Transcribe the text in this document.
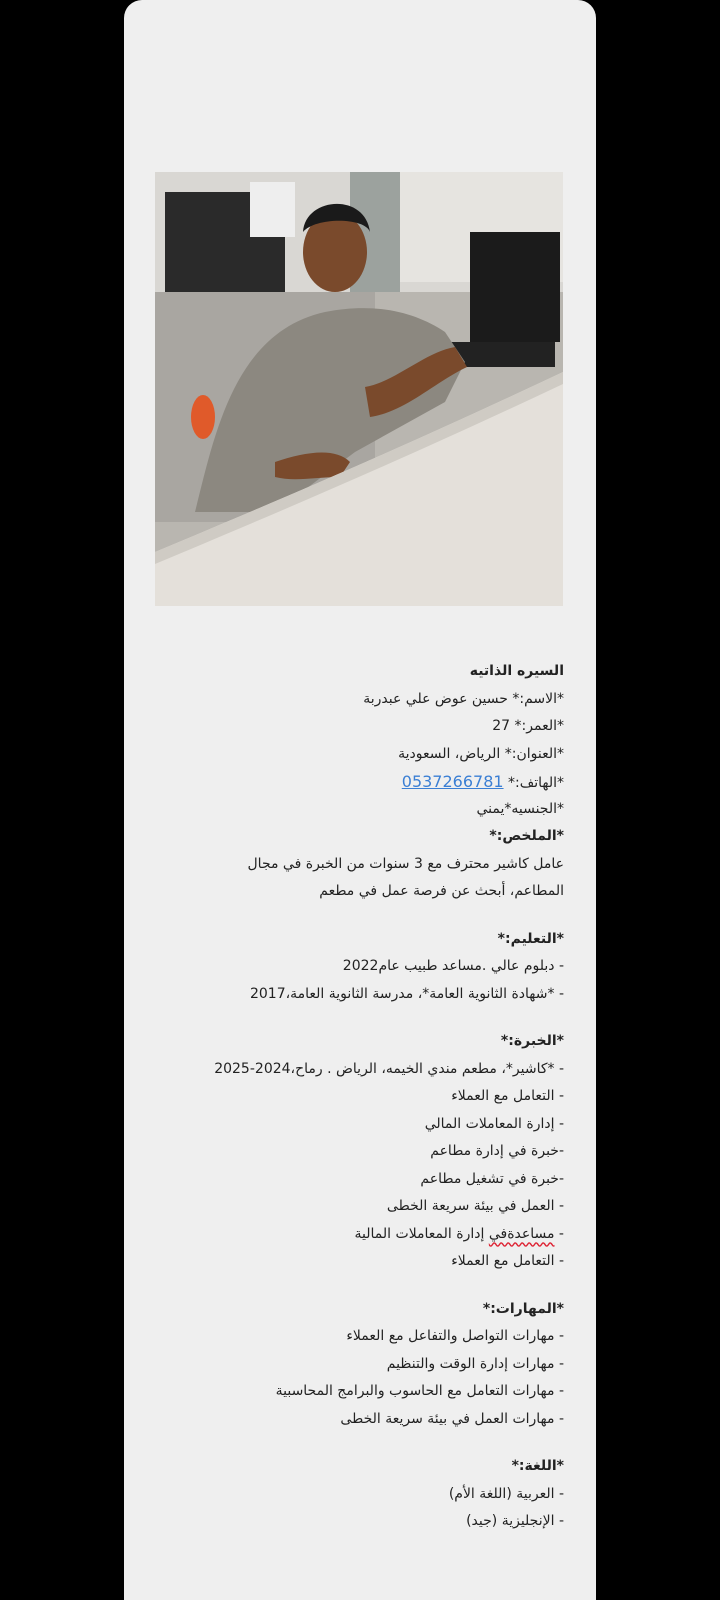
السيره الذاتيه
*الاسم:* حسين عوض علي عبدربة
*العمر:* 27
*العنوان:* الرياض، السعودية
*الهاتف:* 0537266781
*الجنسيه*يمني
*الملخص:*
عامل كاشير محترف مع 3 سنوات من الخبرة في مجال
المطاعم، أبحث عن فرصة عمل في مطعم
*التعليم:*
- دبلوم عالي .مساعد طبيب عام2022
- *شهادة الثانوية العامة*، مدرسة الثانوية العامة،2017
*الخبرة:*
- *كاشير*، مطعم مندي الخيمه، الرياض . رماح،2024-2025
- التعامل مع العملاء
- إدارة المعاملات المالي
-خبرة في إدارة مطاعم
-خبرة في تشغيل مطاعم
- العمل في بيئة سريعة الخطى
- مساعدةفي إدارة المعاملات المالية
- التعامل مع العملاء
*المهارات:*
- مهارات التواصل والتفاعل مع العملاء
- مهارات إدارة الوقت والتنظيم
- مهارات التعامل مع الحاسوب والبرامج المحاسبية
- مهارات العمل في بيئة سريعة الخطى
*اللغة:*
- العربية (اللغة الأم)
- الإنجليزية (جيد)
